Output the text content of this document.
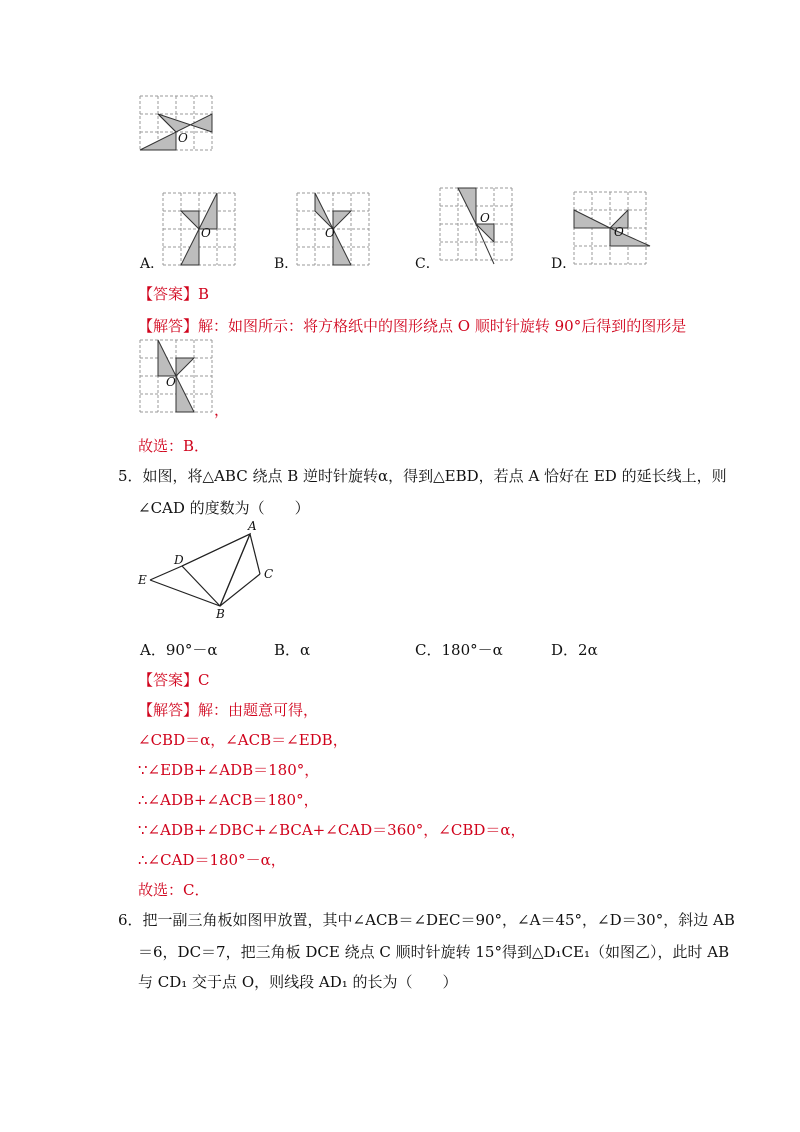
O
A．
O
B．
O
C．
O
D．
O
【答案】B
【解答】解：如图所示：将方格纸中的图形绕点 O 顺时针旋转 90°后得到的图形是
O
，
故选：B．
5．如图，将△ABC 绕点 B 逆时针旋转α，得到△EBD，若点 A 恰好在 ED 的延长线上，则
∠CAD 的度数为（　　）
A
B
C
D
E
A．90°－α	B．α	C．180°－α	D．2α
【答案】C
【解答】解：由题意可得，
∠CBD＝α，∠ACB＝∠EDB，
∵∠EDB+∠ADB＝180°，
∴∠ADB+∠ACB＝180°，
∵∠ADB+∠DBC+∠BCA+∠CAD＝360°，∠CBD＝α，
∴∠CAD＝180°－α，
故选：C．
6．把一副三角板如图甲放置，其中∠ACB＝∠DEC＝90°，∠A＝45°，∠D＝30°，斜边 AB
＝6，DC＝7，把三角板 DCE 绕点 C 顺时针旋转 15°得到△D₁CE₁（如图乙），此时 AB
与 CD₁ 交于点 O，则线段 AD₁ 的长为（　　）
